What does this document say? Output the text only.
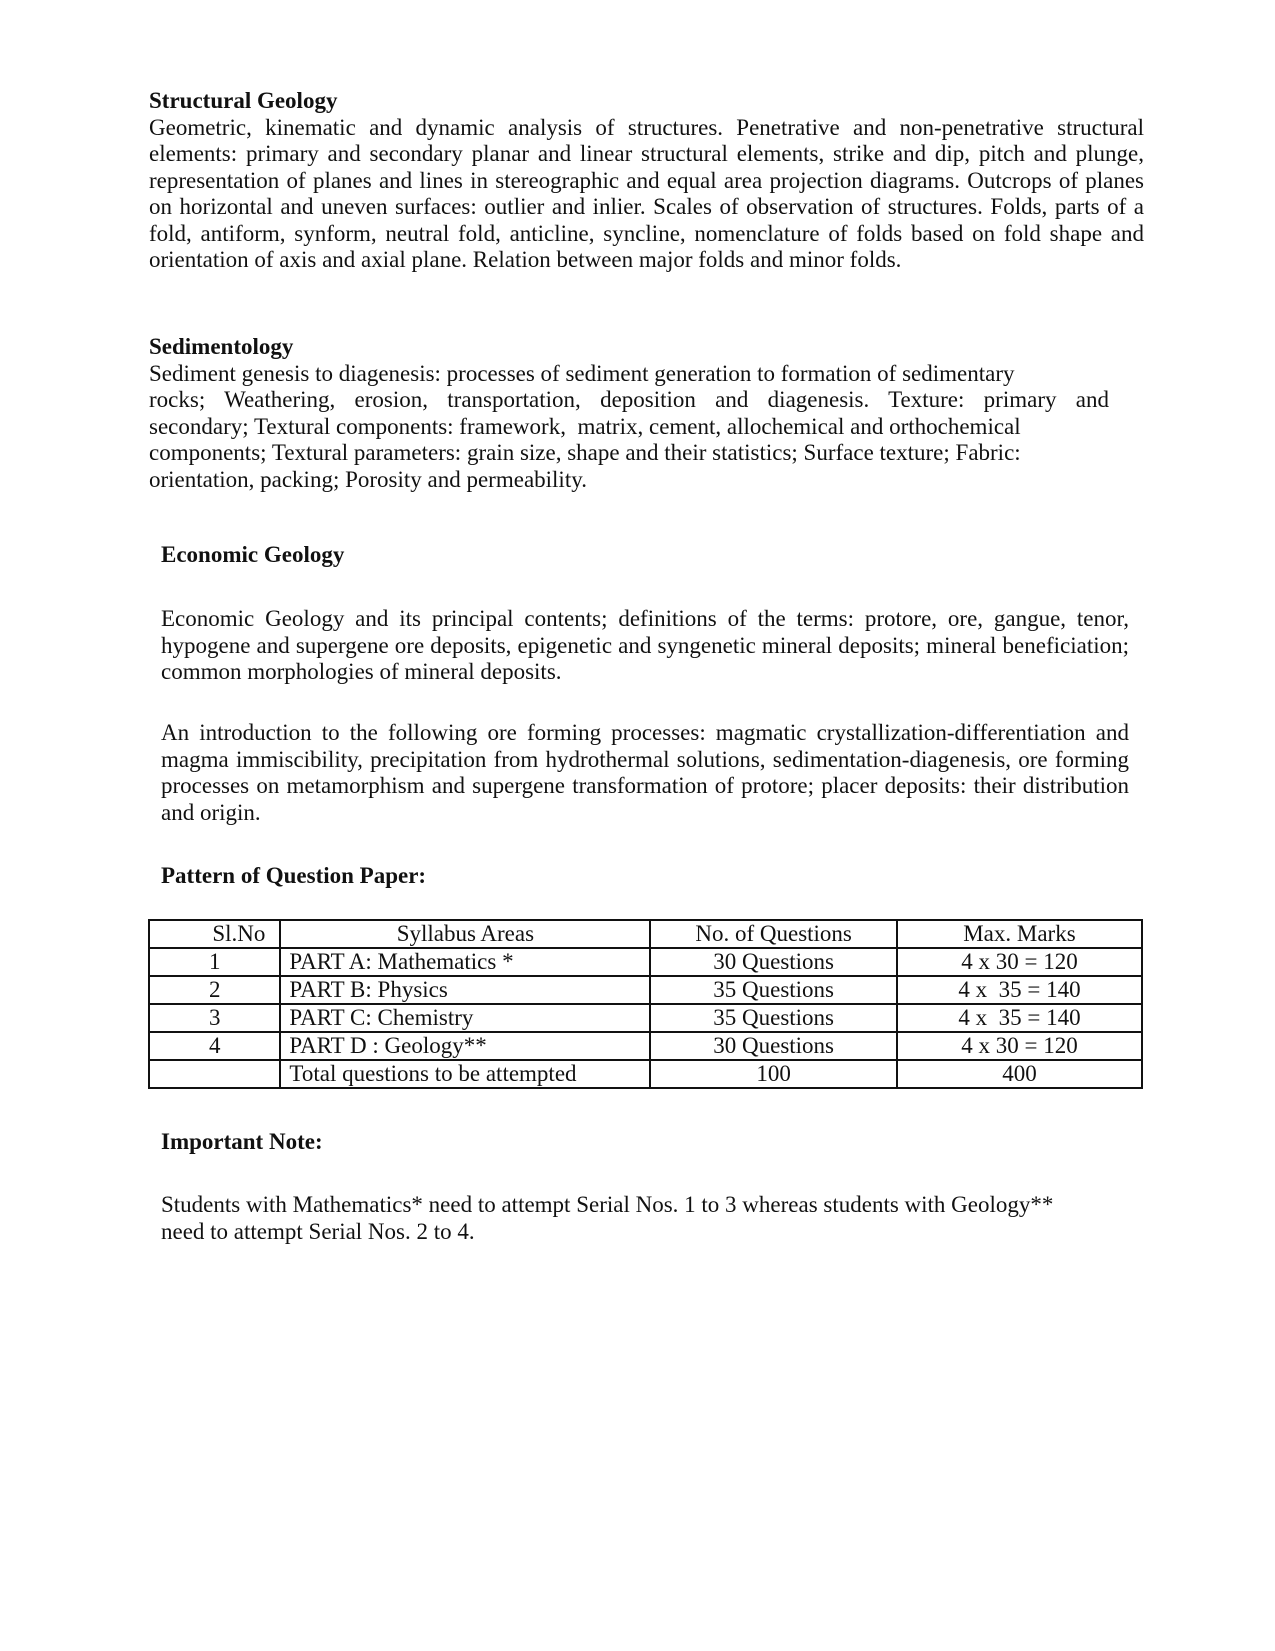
Structural Geology

Geometric, kinematic and dynamic analysis of structures. Penetrative and non-penetrative structural elements: primary and secondary planar and linear structural elements, strike and dip, pitch and plunge, representation of planes and lines in stereographic and equal area projection diagrams. Outcrops of planes on horizontal and uneven surfaces: outlier and inlier. Scales of observation of structures. Folds, parts of a fold, antiform, synform, neutral fold, anticline, syncline, nomenclature of folds based on fold shape and orientation of axis and axial plane. Relation between major folds and minor folds.

Sedimentology

Sediment genesis to diagenesis: processes of sediment generation to formation of sedimentary
rocks; Weathering, erosion, transportation, deposition and diagenesis. Texture: primary and
secondary; Textural components: framework,  matrix, cement, allochemical and orthochemical
components; Textural parameters: grain size, shape and their statistics; Surface texture; Fabric:
orientation, packing; Porosity and permeability.

Economic Geology

Economic Geology and its principal contents; definitions of the terms: protore, ore, gangue, tenor, hypogene and supergene ore deposits, epigenetic and syngenetic mineral deposits; mineral beneficiation; common morphologies of mineral deposits.

An introduction to the following ore forming processes: magmatic crystallization-differentiation and magma immiscibility, precipitation from hydrothermal solutions, sedimentation-diagenesis, ore forming processes on metamorphism and supergene transformation of protore; placer deposits: their distribution and origin.

Pattern of Question Paper:

Sl.No	Syllabus Areas	No. of Questions	Max. Marks
1	PART A: Mathematics *	30 Questions	4 x 30 = 120
2	PART B: Physics	35 Questions	4 x  35 = 140
3	PART C: Chemistry	35 Questions	4 x  35 = 140
4	PART D : Geology**	30 Questions	4 x 30 = 120
	Total questions to be attempted	100	400

Important Note:

Students with Mathematics* need to attempt Serial Nos. 1 to 3 whereas students with Geology**
need to attempt Serial Nos. 2 to 4.
